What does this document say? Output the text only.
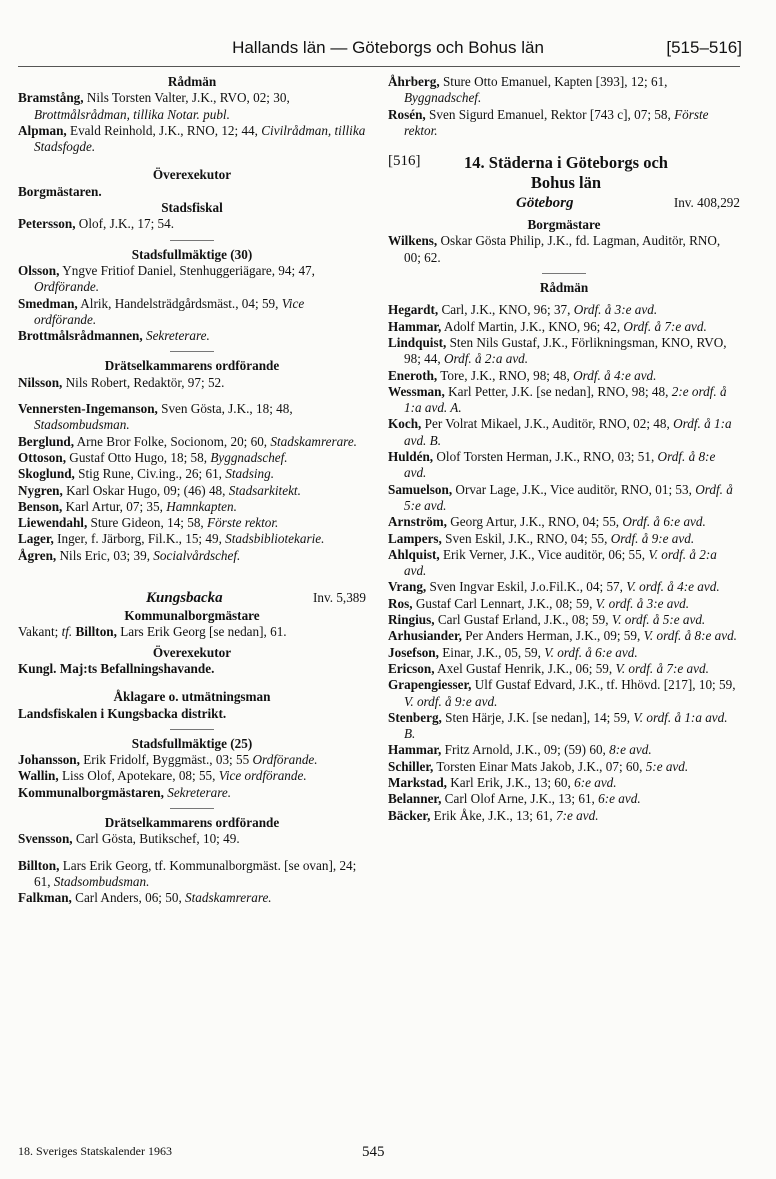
Hallands län — Göteborgs och Bohus län	[515–516]
Rådmän
Bramstång, Nils Torsten Valter, J.K., RVO, 02; 30, Brottmålsrådman, tillika Notar. publ.
Alpman, Evald Reinhold, J.K., RNO, 12; 44, Civilrådman, tillika Stadsfogde.
Överexekutor
Borgmästaren.
Stadsfiskal
Petersson, Olof, J.K., 17; 54.
Stadsfullmäktige (30)
Olsson, Yngve Fritiof Daniel, Stenhuggeriägare, 94; 47, Ordförande.
Smedman, Alrik, Handelsträdgårdsmäst., 04; 59, Vice ordförande.
Brottmålsrådmannen, Sekreterare.
Drätselkammarens ordförande
Nilsson, Nils Robert, Redaktör, 97; 52.
Vennersten-Ingemanson, Sven Gösta, J.K., 18; 48, Stadsombudsman.
Berglund, Arne Bror Folke, Socionom, 20; 60, Stadskamrerare.
Ottoson, Gustaf Otto Hugo, 18; 58, Byggnadschef.
Skoglund, Stig Rune, Civ.ing., 26; 61, Stadsing.
Nygren, Karl Oskar Hugo, 09; (46) 48, Stadsarkitekt.
Benson, Karl Artur, 07; 35, Hamnkapten.
Liewendahl, Sture Gideon, 14; 58, Förste rektor.
Lager, Inger, f. Järborg, Fil.K., 15; 49, Stadsbibliotekarie.
Ågren, Nils Eric, 03; 39, Socialvårdschef.
Kungsbacka	Inv. 5,389
Kommunalborgmästare
Vakant; tf. Billton, Lars Erik Georg [se nedan], 61.
Överexekutor
Kungl. Maj:ts Befallningshavande.
Åklagare o. utmätningsman
Landsfiskalen i Kungsbacka distrikt.
Stadsfullmäktige (25)
Johansson, Erik Fridolf, Byggmäst., 03; 55 Ordförande.
Wallin, Liss Olof, Apotekare, 08; 55, Vice ordförande.
Kommunalborgmästaren, Sekreterare.
Drätselkammarens ordförande
Svensson, Carl Gösta, Butikschef, 10; 49.
Billton, Lars Erik Georg, tf. Kommunalborgmäst. [se ovan], 24; 61, Stadsombudsman.
Falkman, Carl Anders, 06; 50, Stadskamrerare.
Åhrberg, Sture Otto Emanuel, Kapten [393], 12; 61, Byggnadschef.
Rosén, Sven Sigurd Emanuel, Rektor [743 c], 07; 58, Förste rektor.
[516]	14. Städerna i Göteborgs och Bohus län
Göteborg	Inv. 408,292
Borgmästare
Wilkens, Oskar Gösta Philip, J.K., fd. Lagman, Auditör, RNO, 00; 62.
Rådmän
Hegardt, Carl, J.K., KNO, 96; 37, Ordf. å 3:e avd.
Hammar, Adolf Martin, J.K., KNO, 96; 42, Ordf. å 7:e avd.
Lindquist, Sten Nils Gustaf, J.K., Förlikningsman, KNO, RVO, 98; 44, Ordf. å 2:a avd.
Eneroth, Tore, J.K., RNO, 98; 48, Ordf. å 4:e avd.
Wessman, Karl Petter, J.K. [se nedan], RNO, 98; 48, 2:e ordf. å 1:a avd. A.
Koch, Per Volrat Mikael, J.K., Auditör, RNO, 02; 48, Ordf. å 1:a avd. B.
Huldén, Olof Torsten Herman, J.K., RNO, 03; 51, Ordf. å 8:e avd.
Samuelson, Orvar Lage, J.K., Vice auditör, RNO, 01; 53, Ordf. å 5:e avd.
Arnström, Georg Artur, J.K., RNO, 04; 55, Ordf. å 6:e avd.
Lampers, Sven Eskil, J.K., RNO, 04; 55, Ordf. å 9:e avd.
Ahlquist, Erik Verner, J.K., Vice auditör, 06; 55, V. ordf. å 2:a avd.
Vrang, Sven Ingvar Eskil, J.o.Fil.K., 04; 57, V. ordf. å 4:e avd.
Ros, Gustaf Carl Lennart, J.K., 08; 59, V. ordf. å 3:e avd.
Ringius, Carl Gustaf Erland, J.K., 08; 59, V. ordf. å 5:e avd.
Arhusiander, Per Anders Herman, J.K., 09; 59, V. ordf. å 8:e avd.
Josefson, Einar, J.K., 05, 59, V. ordf. å 6:e avd.
Ericson, Axel Gustaf Henrik, J.K., 06; 59, V. ordf. å 7:e avd.
Grapengiesser, Ulf Gustaf Edvard, J.K., tf. Hhövd. [217], 10; 59, V. ordf. å 9:e avd.
Stenberg, Sten Härje, J.K. [se nedan], 14; 59, V. ordf. å 1:a avd. B.
Hammar, Fritz Arnold, J.K., 09; (59) 60, 8:e avd.
Schiller, Torsten Einar Mats Jakob, J.K., 07; 60, 5:e avd.
Markstad, Karl Erik, J.K., 13; 60, 6:e avd.
Belanner, Carl Olof Arne, J.K., 13; 61, 6:e avd.
Bäcker, Erik Åke, J.K., 13; 61, 7:e avd.
18. Sveriges Statskalender 1963	545
